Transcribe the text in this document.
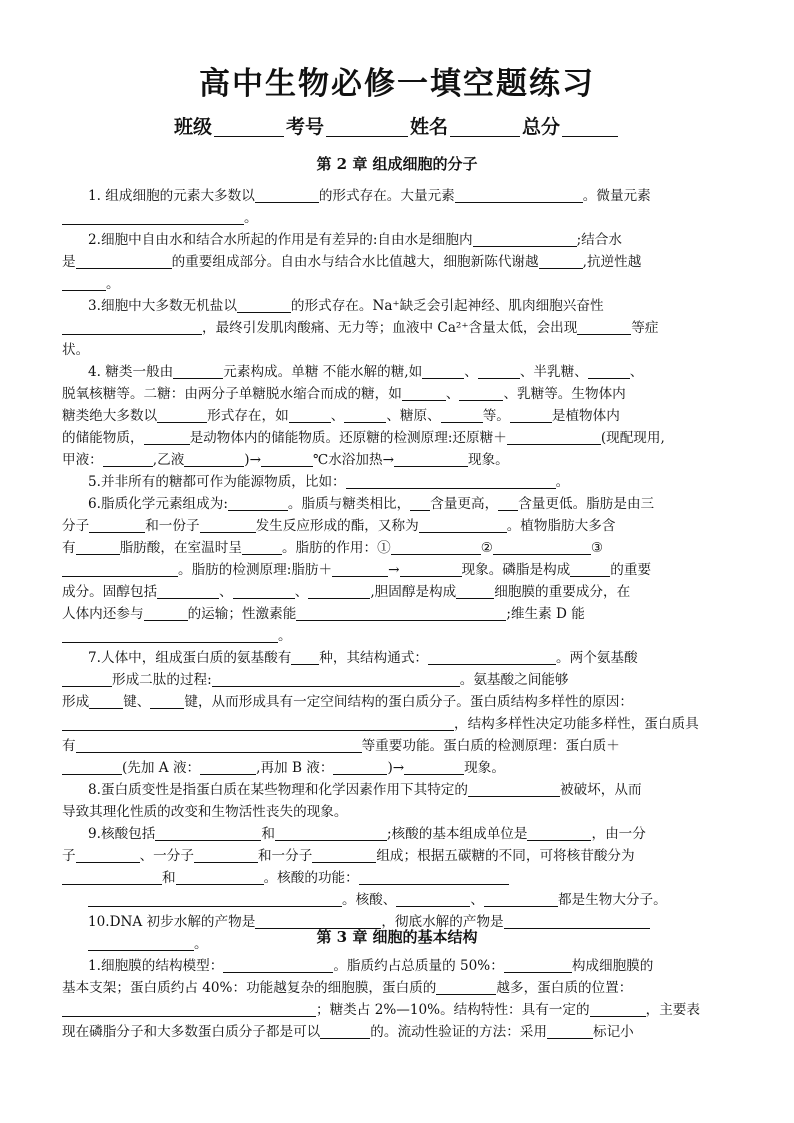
高中生物必修一填空题练习
班级	考号	姓名	总分
第 2 章 组成细胞的分子
1. 组成细胞的元素大多数以	的形式存在。大量元素	。微量元素
。
2.细胞中自由水和结合水所起的作用是有差异的:自由水是细胞内	;结合水
是	的重要组成部分。自由水与结合水比值越大，细胞新陈代谢越	,抗逆性越
。
3.细胞中大多数无机盐以	的形式存在。Na⁺缺乏会引起神经、肌肉细胞兴奋性
，最终引发肌肉酸痛、无力等；血液中 Ca²⁺含量太低，会出现	等症
状。
4. 糖类一般由	元素构成。单糖 不能水解的糖,如	、	、半乳糖、	、
脱氧核糖等。二糖：由两分子单糖脱水缩合而成的糖，如	、	、乳糖等。生物体内
糖类绝大多数以	形式存在，如	、	、糖原、	等。	是植物体内
的储能物质，	是动物体内的储能物质。还原糖的检测原理:还原糖＋	(现配现用,
甲液：	,乙液	)→	℃水浴加热→	现象。
5.并非所有的糖都可作为能源物质，比如：	。
6.脂质化学元素组成为:	。脂质与糖类相比， 含量更高， 含量更低。脂肪是由三
分子	和一份子	发生反应形成的酯，又称为	。植物脂肪大多含
有	脂肪酸，在室温时呈	。脂肪的作用：①	②	③
。脂肪的检测原理:脂肪＋	→	现象。磷脂是构成	的重要
成分。固醇包括	、	、	,胆固醇是构成	细胞膜的重要成分，在
人体内还参与	的运输；性激素能	;维生素 D 能
。
7.人体中，组成蛋白质的氨基酸有 种，其结构通式：	。两个氨基酸
形成二肽的过程:	。氨基酸之间能够
形成	键、	键，从而形成具有一定空间结构的蛋白质分子。蛋白质结构多样性的原因：
，结构多样性决定功能多样性，蛋白质具
有	等重要功能。蛋白质的检测原理：蛋白质＋
(先加 A 液：	,再加 B 液：	)→	现象。
8.蛋白质变性是指蛋白质在某些物理和化学因素作用下其特定的	被破坏，从而
导致其理化性质的改变和生物活性丧失的现象。
9.核酸包括	和	;核酸的基本组成单位是	，由一分
子	、一分子	和一分子	组成；根据五碳糖的不同，可将核苷酸分为
和	。核酸的功能：
。核酸、	、	都是生物大分子。
10.DNA 初步水解的产物是	，彻底水解的产物是
。	第 3 章 细胞的基本结构
1.细胞膜的结构模型：	。脂质约占总质量的 50%：	构成细胞膜的
基本支架；蛋白质约占 40%：功能越复杂的细胞膜，蛋白质的	越多，蛋白质的位置：
；糖类占 2%—10%。结构特性：具有一定的	，主要表
现在磷脂分子和大多数蛋白质分子都是可以	的。流动性验证的方法：采用	标记小
